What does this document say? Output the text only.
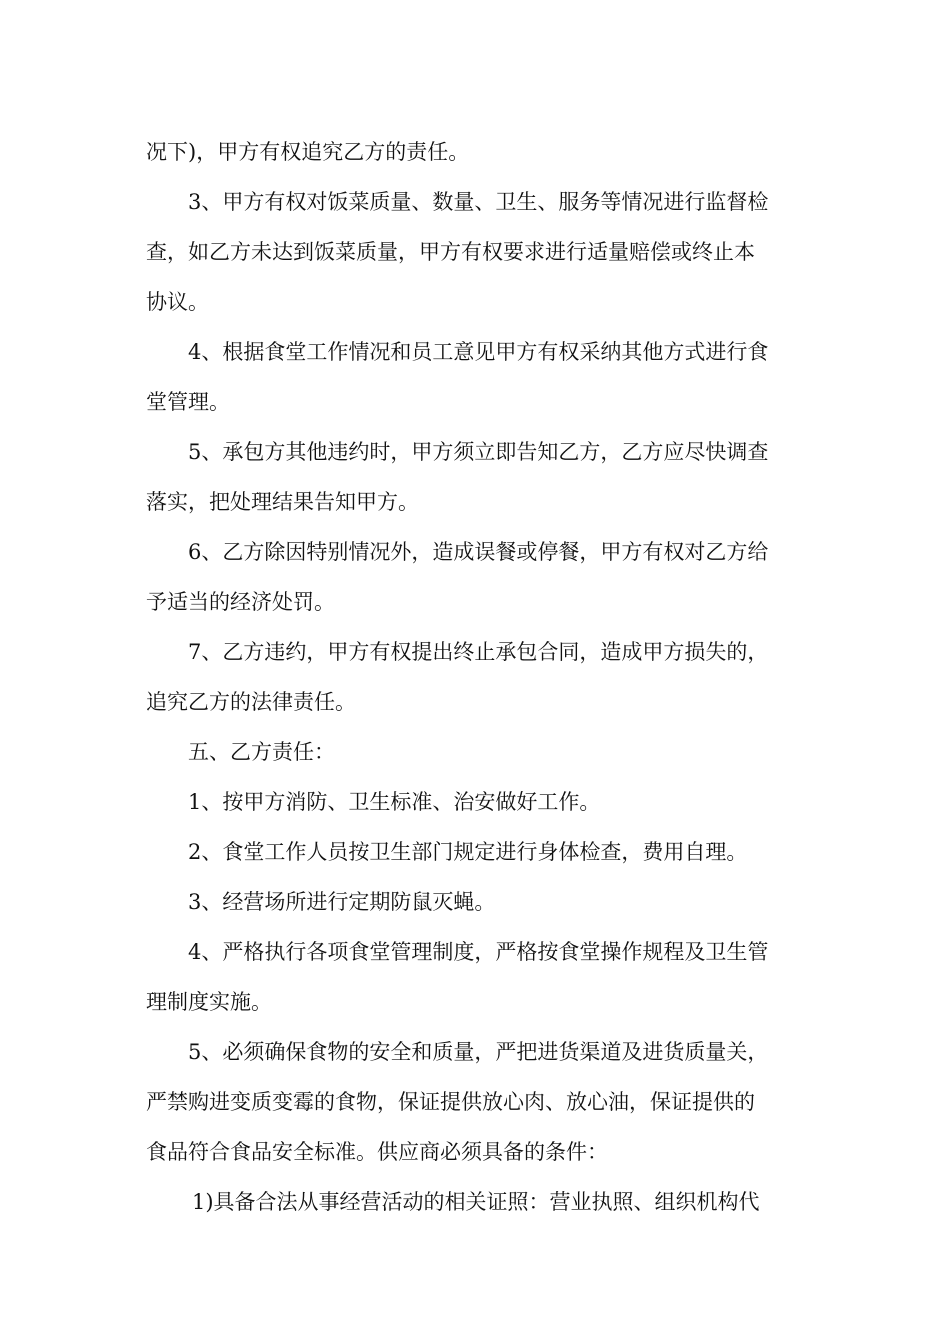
况下)，甲方有权追究乙方的责任。
3、甲方有权对饭菜质量、数量、卫生、服务等情况进行监督检
查，如乙方未达到饭菜质量，甲方有权要求进行适量赔偿或终止本
协议。
4、根据食堂工作情况和员工意见甲方有权采纳其他方式进行食
堂管理。
5、承包方其他违约时，甲方须立即告知乙方，乙方应尽快调查
落实，把处理结果告知甲方。
6、乙方除因特别情况外，造成误餐或停餐，甲方有权对乙方给
予适当的经济处罚。
7、乙方违约，甲方有权提出终止承包合同，造成甲方损失的，
追究乙方的法律责任。
五、乙方责任：
1、按甲方消防、卫生标准、治安做好工作。
2、食堂工作人员按卫生部门规定进行身体检查，费用自理。
3、经营场所进行定期防鼠灭蝇。
4、严格执行各项食堂管理制度，严格按食堂操作规程及卫生管
理制度实施。
5、必须确保食物的安全和质量，严把进货渠道及进货质量关，
严禁购进变质变霉的食物，保证提供放心肉、放心油，保证提供的
食品符合食品安全标准。供应商必须具备的条件：
1)具备合法从事经营活动的相关证照：营业执照、组织机构代
